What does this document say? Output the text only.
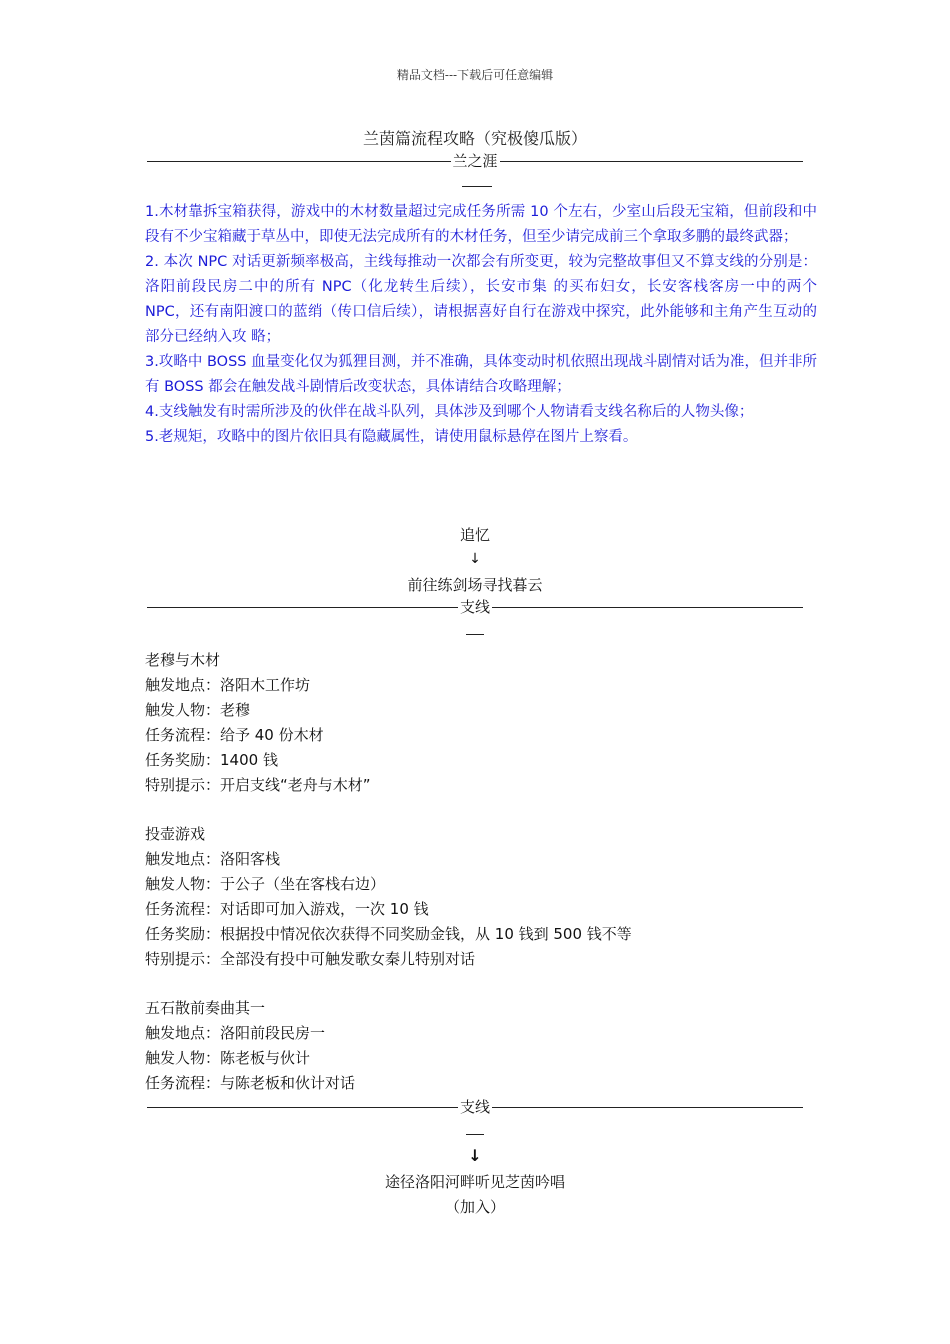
精品文档---下载后可任意编辑
兰茵篇流程攻略（究极傻瓜版）
兰之涯
1.木材靠拆宝箱获得，游戏中的木材数量超过完成任务所需 10 个左右，少室山后段无宝箱，但前段和中段有不少宝箱藏于草丛中，即使无法完成所有的木材任务，但至少请完成前三个拿取多鹏的最终武器；
2. 本次 NPC 对话更新频率极高，主线每推动一次都会有所变更，较为完整故事但又不算支线的分别是：洛阳前段民房二中的所有 NPC（化龙转生后续），长安市集 的买布妇女，长安客栈客房一中的两个 NPC，还有南阳渡口的蓝绡（传口信后续），请根据喜好自行在游戏中探究，此外能够和主角产生互动的部分已经纳入攻 略；
3.攻略中 BOSS 血量变化仅为狐狸目测，并不准确，具体变动时机依照出现战斗剧情对话为准，但并非所有 BOSS 都会在触发战斗剧情后改变状态，具体请结合攻略理解；
4.支线触发有时需所涉及的伙伴在战斗队列，具体涉及到哪个人物请看支线名称后的人物头像；
5.老规矩，攻略中的图片依旧具有隐藏属性，请使用鼠标悬停在图片上察看。
追忆
↓
前往练剑场寻找暮云
支线
老穆与木材
触发地点：洛阳木工作坊
触发人物：老穆
任务流程：给予 40 份木材
任务奖励：1400 钱
特别提示：开启支线“老舟与木材”
投壶游戏
触发地点：洛阳客栈
触发人物：于公子（坐在客栈右边）
任务流程：对话即可加入游戏，一次 10 钱
任务奖励：根据投中情况依次获得不同奖励金钱，从 10 钱到 500 钱不等
特别提示：全部没有投中可触发歌女秦儿特别对话
五石散前奏曲其一
触发地点：洛阳前段民房一
触发人物：陈老板与伙计
任务流程：与陈老板和伙计对话
支线
↓
途径洛阳河畔听见芝茵吟唱
（加入）
